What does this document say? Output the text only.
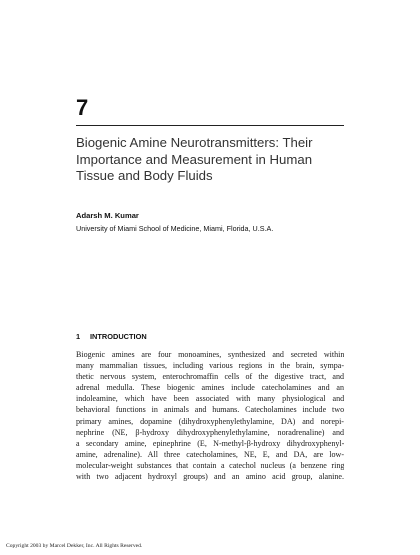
7
Biogenic Amine Neurotransmitters: Their Importance and Measurement in Human Tissue and Body Fluids
Adarsh M. Kumar
University of Miami School of Medicine, Miami, Florida, U.S.A.
1 INTRODUCTION
Biogenic amines are four monoamines, synthesized and secreted within
many mammalian tissues, including various regions in the brain, sympa-
thetic nervous system, enterochromaffin cells of the digestive tract, and
adrenal medulla. These biogenic amines include catecholamines and an
indoleamine, which have been associated with many physiological and
behavioral functions in animals and humans. Catecholamines include two
primary amines, dopamine (dihydroxyphenylethylamine, DA) and norepi-
nephrine (NE, β-hydroxy dihydroxyphenylethylamine, noradrenaline) and
a secondary amine, epinephrine (E, N-methyl-β-hydroxy dihydroxyphenyl-
amine, adrenaline). All three catecholamines, NE, E, and DA, are low-
molecular-weight substances that contain a catechol nucleus (a benzene ring
with two adjacent hydroxyl groups) and an amino acid group, alanine.
Copyright 2003 by Marcel Dekker, Inc. All Rights Reserved.
